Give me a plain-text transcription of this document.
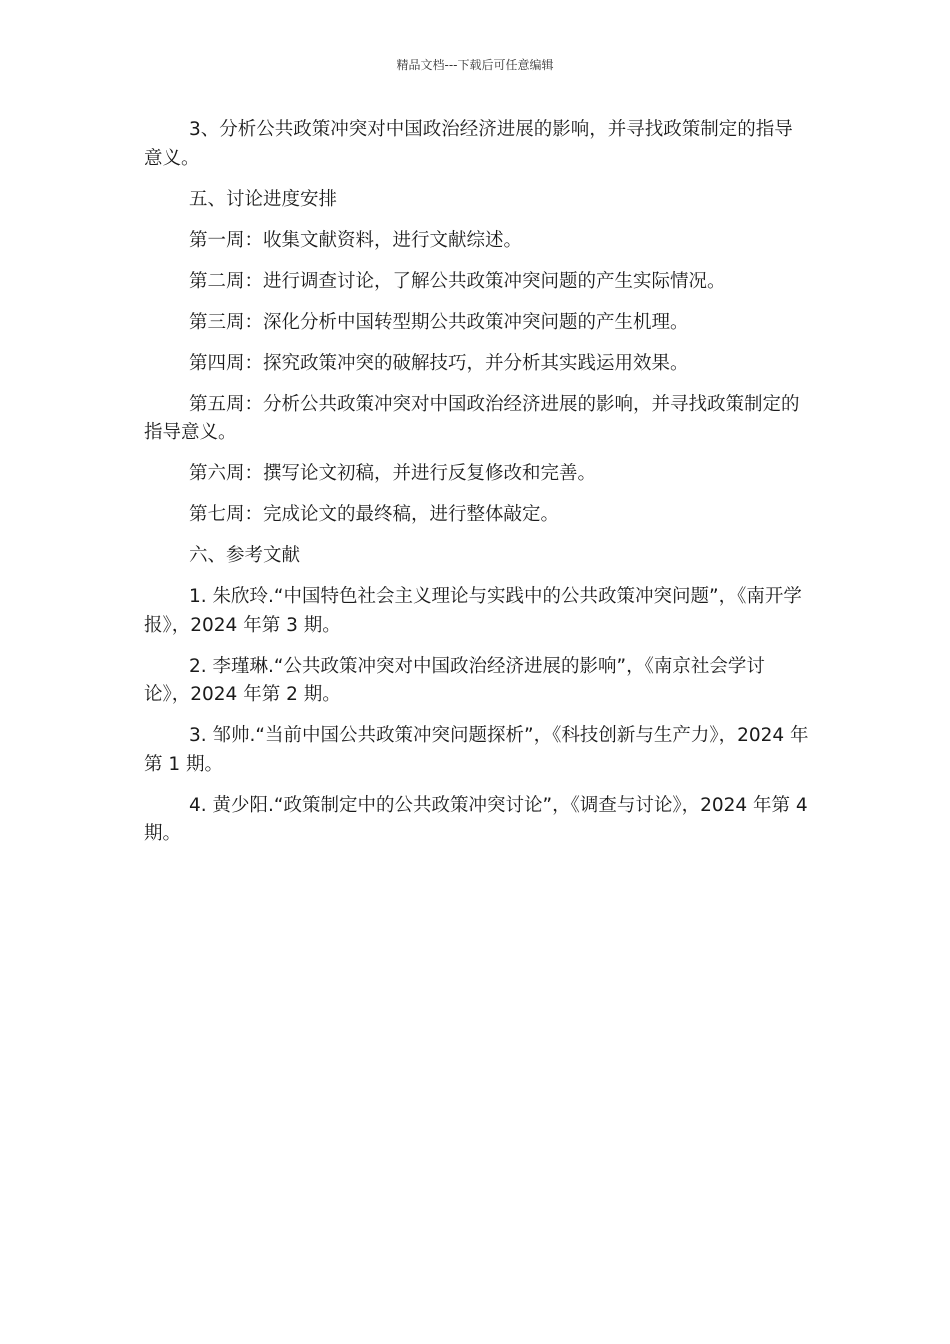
精品文档---下载后可任意编辑

3、分析公共政策冲突对中国政治经济进展的影响，并寻找政策制定的指导意义。

五、讨论进度安排

第一周：收集文献资料，进行文献综述。

第二周：进行调查讨论，了解公共政策冲突问题的产生实际情况。

第三周：深化分析中国转型期公共政策冲突问题的产生机理。

第四周：探究政策冲突的破解技巧，并分析其实践运用效果。

第五周：分析公共政策冲突对中国政治经济进展的影响，并寻找政策制定的指导意义。

第六周：撰写论文初稿，并进行反复修改和完善。

第七周：完成论文的最终稿，进行整体敲定。

六、参考文献

1. 朱欣玲.“中国特色社会主义理论与实践中的公共政策冲突问题”，《南开学报》，2024 年第 3 期。

2. 李瑾琳.“公共政策冲突对中国政治经济进展的影响”，《南京社会学讨论》，2024 年第 2 期。

3. 邹帅.“当前中国公共政策冲突问题探析”，《科技创新与生产力》，2024 年第 1 期。

4. 黄少阳.“政策制定中的公共政策冲突讨论”，《调查与讨论》，2024 年第 4 期。
